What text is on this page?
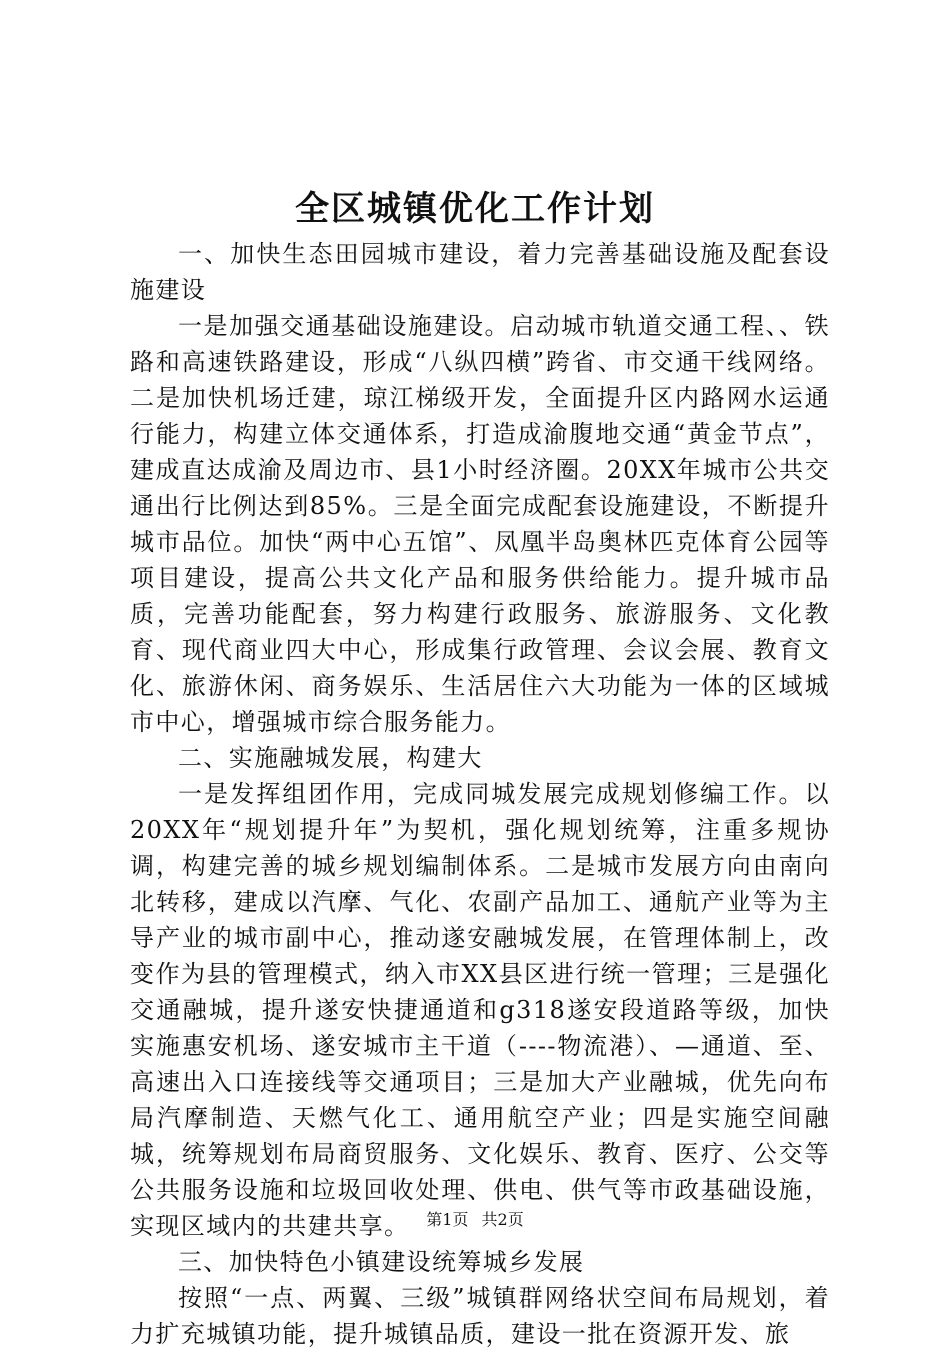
全区城镇优化工作计划

一、加快生态田园城市建设，着力完善基础设施及配套设施建设

一是加强交通基础设施建设。启动城市轨道交通工程、、铁路和高速铁路建设，形成“八纵四横”跨省、市交通干线网络。二是加快机场迁建，琼江梯级开发，全面提升区内路网水运通行能力，构建立体交通体系，打造成渝腹地交通“黄金节点”，建成直达成渝及周边市、县1小时经济圈。20XX年城市公共交通出行比例达到85%。三是全面完成配套设施建设，不断提升城市品位。加快“两中心五馆”、凤凰半岛奥林匹克体育公园等项目建设，提高公共文化产品和服务供给能力。提升城市品质，完善功能配套，努力构建行政服务、旅游服务、文化教育、现代商业四大中心，形成集行政管理、会议会展、教育文化、旅游休闲、商务娱乐、生活居住六大功能为一体的区域城市中心，增强城市综合服务能力。

二、实施融城发展，构建大

一是发挥组团作用，完成同城发展完成规划修编工作。以20XX年“规划提升年”为契机，强化规划统筹，注重多规协调，构建完善的城乡规划编制体系。二是城市发展方向由南向北转移，建成以汽摩、气化、农副产品加工、通航产业等为主导产业的城市副中心，推动遂安融城发展，在管理体制上，改变作为县的管理模式，纳入市XX县区进行统一管理；三是强化交通融城，提升遂安快捷通道和g318遂安段道路等级，加快实施惠安机场、遂安城市主干道（----物流港）、—通道、至、高速出入口连接线等交通项目；三是加大产业融城，优先向布局汽摩制造、天燃气化工、通用航空产业；四是实施空间融城，统筹规划布局商贸服务、文化娱乐、教育、医疗、公交等公共服务设施和垃圾回收处理、供电、供气等市政基础设施，实现区域内的共建共享。

三、加快特色小镇建设统筹城乡发展

按照“一点、两翼、三级”城镇群网络状空间布局规划，着力扩充城镇功能，提升城镇品质，建设一批在资源开发、旅

第1页 共2页
